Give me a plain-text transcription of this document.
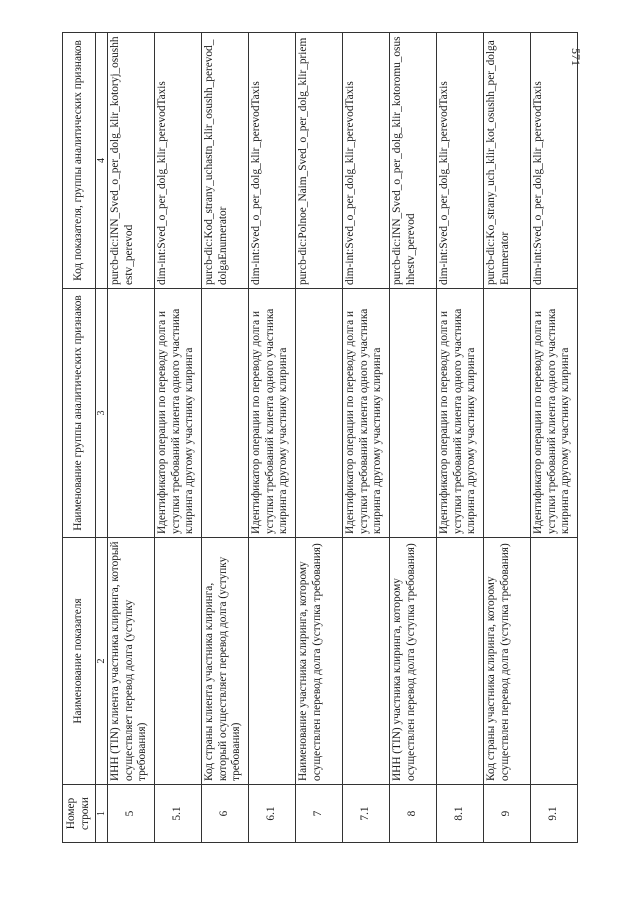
571
Номер строки	Наименование показателя	Наименование группы аналитических признаков	Код показателя, группы аналитических признаков
1	2	3	4
5	ИНН (TIN) клиента участника клиринга, который осуществляет перевод долга (уступку требования)		purcb-dic:INN_Sved_o_per_dolg_klir_kotoryj_osushhestv_perevod
5.1		Идентификатор операции по переводу долга и уступки требований клиента одного участника клиринга другому участнику клиринга	dim-int:Sved_o_per_dolg_klir_perevodTaxis
6	Код страны клиента участника клиринга, который осуществляет перевод долга (уступку требования)		purcb-dic:Kod_strany_uchastn_klir_osushh_perevod_dolgaEnumerator
6.1		Идентификатор операции по переводу долга и уступки требований клиента одного участника клиринга другому участнику клиринга	dim-int:Sved_o_per_dolg_klir_perevodTaxis
7	Наименование участника клиринга, которому осуществлен перевод долга (уступка требования)		purcb-dic:Polnoe_Naim_Sved_o_per_dolg_klir_priem
7.1		Идентификатор операции по переводу долга и уступки требований клиента одного участника клиринга другому участнику клиринга	dim-int:Sved_o_per_dolg_klir_perevodTaxis
8	ИНН (TIN) участника клиринга, которому осуществлен перевод долга (уступка требования)		purcb-dic:INN_Sved_o_per_dolg_klir_kotoromu_osushhestv_perevod
8.1		Идентификатор операции по переводу долга и уступки требований клиента одного участника клиринга другому участнику клиринга	dim-int:Sved_o_per_dolg_klir_perevodTaxis
9	Код страны участника клиринга, которому осуществлен перевод долга (уступка требования)		purcb-dic:Ko_strany_uch_klir_kot_osushh_per_dolgaEnumerator
9.1		Идентификатор операции по переводу долга и уступки требований клиента одного участника клиринга другому участнику клиринга	dim-int:Sved_o_per_dolg_klir_perevodTaxis
